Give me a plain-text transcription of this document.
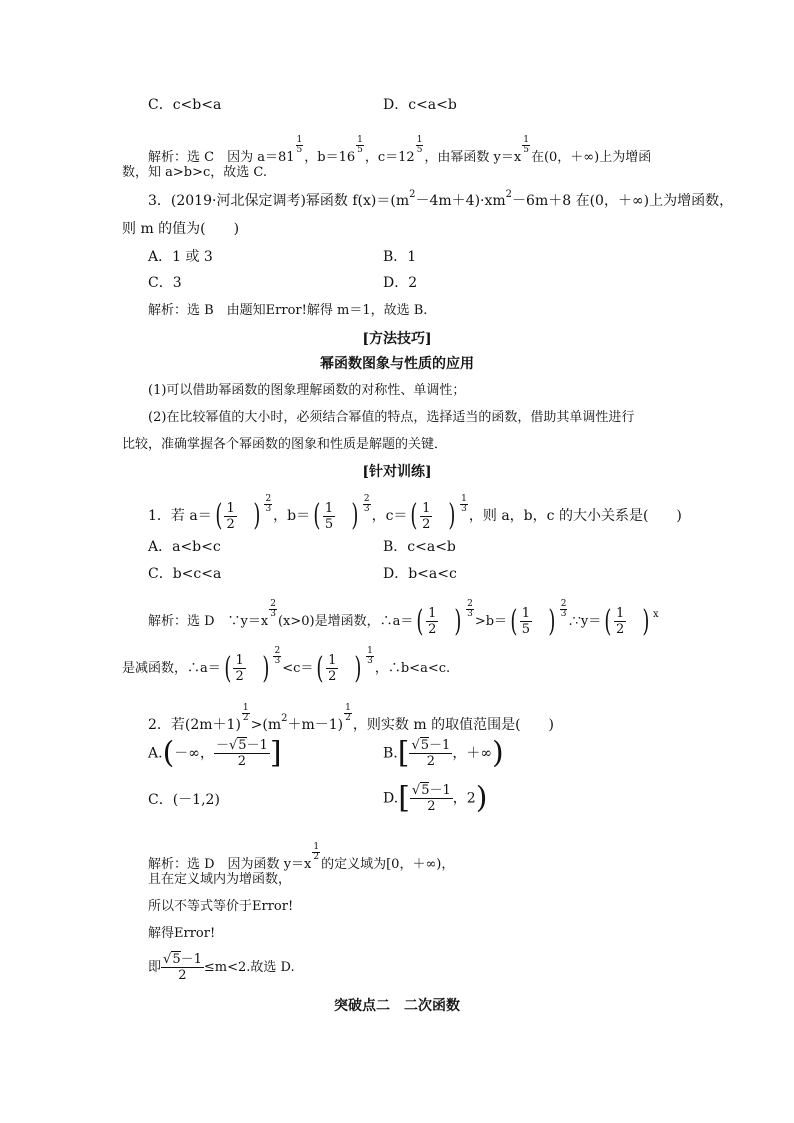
C．c<b<a	D．c<a<b
解析：选 C　因为 a＝81
$\frac{1}{5}$
，b＝16
$\frac{1}{5}$
，c＝12
$\frac{1}{5}$
，由幂函数 y＝x
$\frac{1}{5}$
在(0，＋∞)上为增函
数，知 a>b>c，故选 C.
3．(2019·河北保定调考)幂函数 $f(x)=(m^2-4m+4)\cdot xm^2-6m+8$ 在(0，＋∞)上为增函数，
则 m 的值为(　　)
A．1 或 3	B．1
C．3	D．2
解析：选 B　由题知Error!解得 m＝1，故选 B.
[方法技巧]
幂函数图象与性质的应用
(1)可以借助幂函数的图象理解函数的对称性、单调性；
(2)在比较幂值的大小时，必须结合幂值的特点，选择适当的函数，借助其单调性进行
比较，准确掌握各个幂函数的图象和性质是解题的关键．
[针对训练]
1．若 a＝ ( $\frac{1}{2}$ ) $\frac{2}{3}$
，b＝ ( $\frac{1}{5}$ ) $\frac{2}{3}$
，c＝ ( $\frac{1}{2}$ ) $\frac{1}{3}$
，则 a，b，c 的大小关系是(　　)
A．a<b<c	B．c<a<b
C．b<c<a	D．b<a<c
解析：选 D　∵y＝x
$\frac{2}{3}$
(x>0)是增函数，∴a＝ ( $\frac{1}{2}$ ) $\frac{2}{3}$
>b＝ ( $\frac{1}{5}$ ) $\frac{2}{3}$
.∵y＝ ( $\frac{1}{2}$ ) $^x$
是减函数，∴a＝ ( $\frac{1}{2}$ ) $\frac{2}{3}$
<c＝ ( $\frac{1}{2}$ ) $\frac{1}{3}$
，∴b<a<c.
2．若(2m＋1)
$\frac{1}{2}$
$>(m^2+m-1)$
$\frac{1}{2}$
，则实数 m 的取值范围是(　　)
A.(－∞， $\frac{-√5-1}{2}$ ]	$B.[ \frac{√5-1}{2}$ ，＋∞)
C．(－1,2)	$D.[ \frac{√5-1}{2}$ ，2)
解析：选 D　因为函数 y＝x
$\frac{1}{2}$
的定义域为[0，＋∞)，
且在定义域内为增函数，
所以不等式等价于Error!
解得Error!
即 $\frac{√5-1}{2} \le m<2$.故选 D.
突破点二　二次函数
